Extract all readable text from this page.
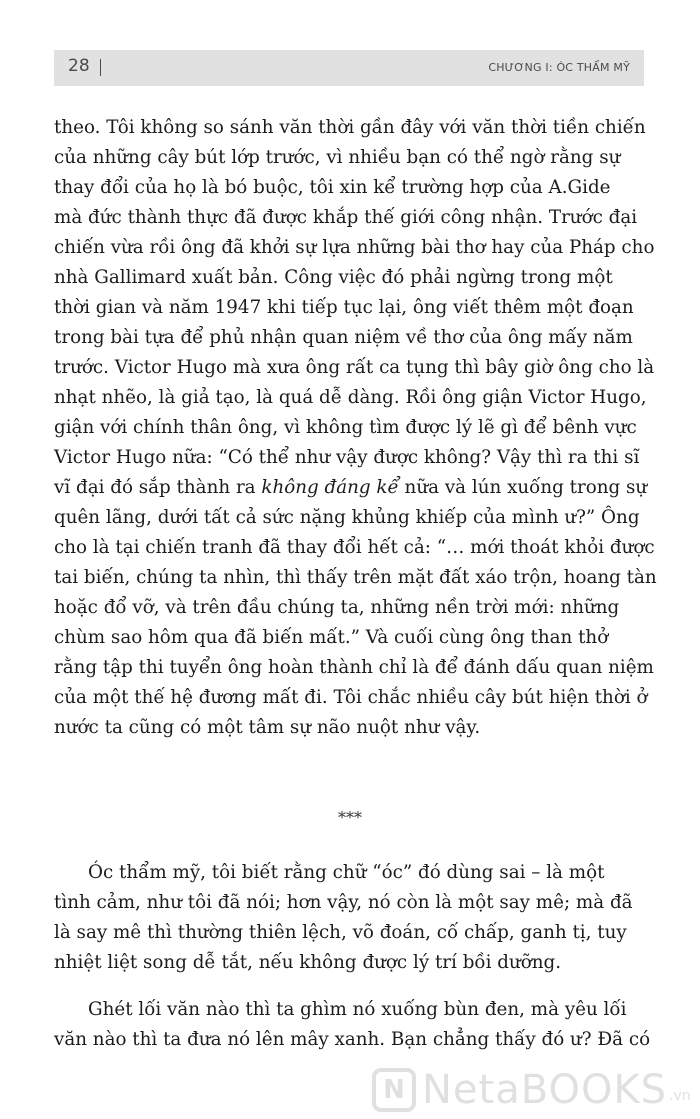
28	CHƯƠNG I: ÓC THẨM MỸ
theo. Tôi không so sánh văn thời gần đây với văn thời tiền chiến
của những cây bút lớp trước, vì nhiều bạn có thể ngờ rằng sự
thay đổi của họ là bó buộc, tôi xin kể trường hợp của A.Gide
mà đức thành thực đã được khắp thế giới công nhận. Trước đại
chiến vừa rồi ông đã khởi sự lựa những bài thơ hay của Pháp cho
nhà Gallimard xuất bản. Công việc đó phải ngừng trong một
thời gian và năm 1947 khi tiếp tục lại, ông viết thêm một đoạn
trong bài tựa để phủ nhận quan niệm về thơ của ông mấy năm
trước. Victor Hugo mà xưa ông rất ca tụng thì bây giờ ông cho là
nhạt nhẽo, là giả tạo, là quá dễ dàng. Rồi ông giận Victor Hugo,
giận với chính thân ông, vì không tìm được lý lẽ gì để bênh vực
Victor Hugo nữa: “Có thể như vậy được không? Vậy thì ra thi sĩ
vĩ đại đó sắp thành ra không đáng kể nữa và lún xuống trong sự
quên lãng, dưới tất cả sức nặng khủng khiếp của mình ư?” Ông
cho là tại chiến tranh đã thay đổi hết cả: “… mới thoát khỏi được
tai biến, chúng ta nhìn, thì thấy trên mặt đất xáo trộn, hoang tàn
hoặc đổ vỡ, và trên đầu chúng ta, những nền trời mới: những
chùm sao hôm qua đã biến mất.” Và cuối cùng ông than thở
rằng tập thi tuyển ông hoàn thành chỉ là để đánh dấu quan niệm
của một thế hệ đương mất đi. Tôi chắc nhiều cây bút hiện thời ở
nước ta cũng có một tâm sự não nuột như vậy.
***
Óc thẩm mỹ, tôi biết rằng chữ “óc” đó dùng sai – là một
tình cảm, như tôi đã nói; hơn vậy, nó còn là một say mê; mà đã
là say mê thì thường thiên lệch, võ đoán, cố chấp, ganh tị, tuy
nhiệt liệt song dễ tắt, nếu không được lý trí bồi dưỡng.
Ghét lối văn nào thì ta ghìm nó xuống bùn đen, mà yêu lối
văn nào thì ta đưa nó lên mây xanh. Bạn chẳng thấy đó ư? Đã có
N NetaBOOKS .vn
